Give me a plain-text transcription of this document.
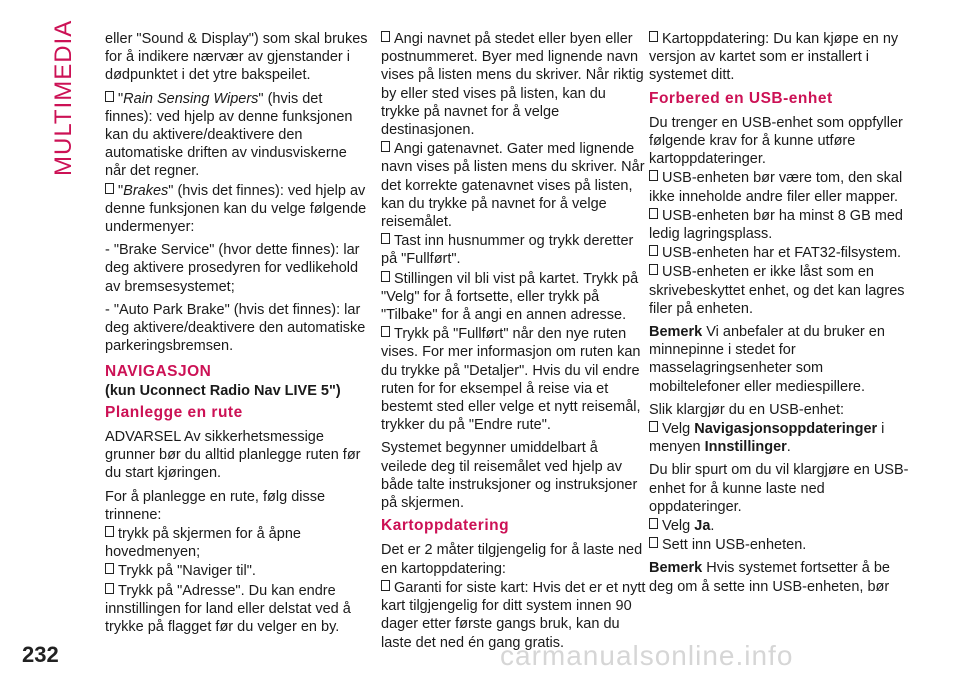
MULTIMEDIA eller "Sound & Display") som skal brukes for å indikere nærvær av gjenstander i dødpunktet i det ytre bakspeilet.

"Rain Sensing Wipers" (hvis det finnes): ved hjelp av denne funksjonen kan du aktivere/deaktivere den automatiske driften av vindusviskerne når det regner.

"Brakes" (hvis det finnes): ved hjelp av denne funksjonen kan du velge følgende undermenyer:

- "Brake Service" (hvor dette finnes): lar deg aktivere prosedyren for vedlikehold av bremsesystemet;

- "Auto Park Brake" (hvis det finnes): lar deg aktivere/deaktivere den automatiske parkeringsbremsen.

NAVIGASJON
(kun Uconnect Radio Nav LIVE 5")
Planlegge en rute

ADVARSEL Av sikkerhetsmessige grunner bør du alltid planlegge ruten før du start kjøringen.

For å planlegge en rute, følg disse trinnene:

trykk på skjermen for å åpne hovedmenyen;

Trykk på "Naviger til".

Trykk på "Adresse". Du kan endre innstillingen for land eller delstat ved å trykke på flagget før du velger en by.

Angi navnet på stedet eller byen eller postnummeret. Byer med lignende navn vises på listen mens du skriver. Når riktig by eller sted vises på listen, kan du trykke på navnet for å velge destinasjonen.

Angi gatenavnet. Gater med lignende navn vises på listen mens du skriver. Når det korrekte gatenavnet vises på listen, kan du trykke på navnet for å velge reisemålet.

Tast inn husnummer og trykk deretter på "Fullført".

Stillingen vil bli vist på kartet. Trykk på "Velg" for å fortsette, eller trykk på "Tilbake" for å angi en annen adresse.

Trykk på "Fullført" når den nye ruten vises. For mer informasjon om ruten kan du trykke på "Detaljer". Hvis du vil endre ruten for for eksempel å reise via et bestemt sted eller velge et nytt reisemål, trykker du på "Endre rute".

Systemet begynner umiddelbart å veilede deg til reisemålet ved hjelp av både talte instruksjoner og instruksjoner på skjermen.

Kartoppdatering

Det er 2 måter tilgjengelig for å laste ned en kartoppdatering:

Garanti for siste kart: Hvis det er et nytt kart tilgjengelig for ditt system innen 90 dager etter første gangs bruk, kan du laste det ned én gang gratis.

Kartoppdatering: Du kan kjøpe en ny versjon av kartet som er installert i systemet ditt.

Forbered en USB-enhet

Du trenger en USB-enhet som oppfyller følgende krav for å kunne utføre kartoppdateringer.

USB-enheten bør være tom, den skal ikke inneholde andre filer eller mapper.

USB-enheten bør ha minst 8 GB med ledig lagringsplass.

USB-enheten har et FAT32-filsystem.

USB-enheten er ikke låst som en skrivebeskyttet enhet, og det kan lagres filer på enheten.

Bemerk Vi anbefaler at du bruker en minnepinne i stedet for masselagringsenheter som mobiltelefoner eller mediespillere.

Slik klargjør du en USB-enhet:

Velg Navigasjonsoppdateringer i menyen Innstillinger.

Du blir spurt om du vil klargjøre en USB-enhet for å kunne laste ned oppdateringer.

Velg Ja.

Sett inn USB-enheten.

Bemerk Hvis systemet fortsetter å be deg om å sette inn USB-enheten, bør

232	carmanualsonline.info
